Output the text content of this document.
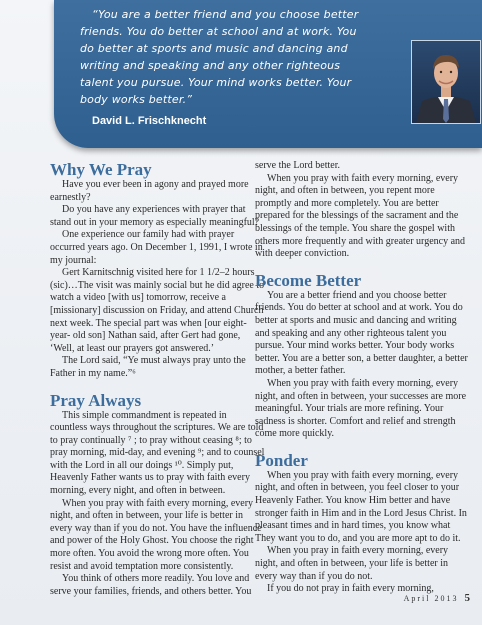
“You are a better friend and you choose better friends. You do better at school and at work. You do better at sports and music and dancing and writing and speaking and any other righteous talent you pursue. Your mind works better. Your body works better.”

David L. Frischknecht

Why We Pray

Have you ever been in agony and prayed more earnestly?

Do you have any experiences with prayer that stand out in your memory as especially meaningful?

One experience our family had with prayer occurred years ago. On December 1, 1991, I wrote in my journal:

Gert Karnitschnig visited here for 1 1/2–2 hours (sic)…The visit was mainly social but he did agree to watch a video [with us] tomorrow, receive a [missionary] discussion on Friday, and attend Church next week. The special part was when [our eight-year- old son] Nathan said, after Gert had gone, ‘Well, at least our prayers got answered.’

The Lord said, “Ye must always pray unto the Father in my name.”⁶

Pray Always

This simple commandment is repeated in countless ways throughout the scriptures. We are told to pray continually ⁷ ; to pray without ceasing ⁸; to pray morning, mid-day, and evening ⁹; and to counsel with the Lord in all our doings ¹⁰. Simply put, Heavenly Father wants us to pray with faith every morning, every night, and often in between.

When you pray with faith every morning, every night, and often in between, your life is better in every way than if you do not. You have the influence and power of the Holy Ghost. You choose the right more often. You avoid the wrong more often. You resist and avoid temptation more consistently.

You think of others more readily. You love and serve your families, friends, and others better. You

serve the Lord better.

When you pray with faith every morning, every night, and often in between, you repent more promptly and more completely. You are better prepared for the blessings of the sacrament and the blessings of the temple. You share the gospel with others more frequently and with greater urgency and with deeper conviction.

Become Better

You are a better friend and you choose better friends. You do better at school and at work. You do better at sports and music and dancing and writing and speaking and any other righteous talent you pursue. Your mind works better. Your body works better. You are a better son, a better daughter, a better mother, a better father.

When you pray with faith every morning, every night, and often in between, your successes are more meaningful. Your trials are more refining. Your sadness is shorter. Comfort and relief and strength come more quickly.

Ponder

When you pray with faith every morning, every night, and often in between, you feel closer to your Heavenly Father. You know Him better and have stronger faith in Him and in the Lord Jesus Christ. In pleasant times and in hard times, you know what They want you to do, and you are more apt to do it.

When you pray in faith every morning, every night, and often in between, your life is better in every way than if you do not.

If you do not pray in faith every morning,

April 2013 5
